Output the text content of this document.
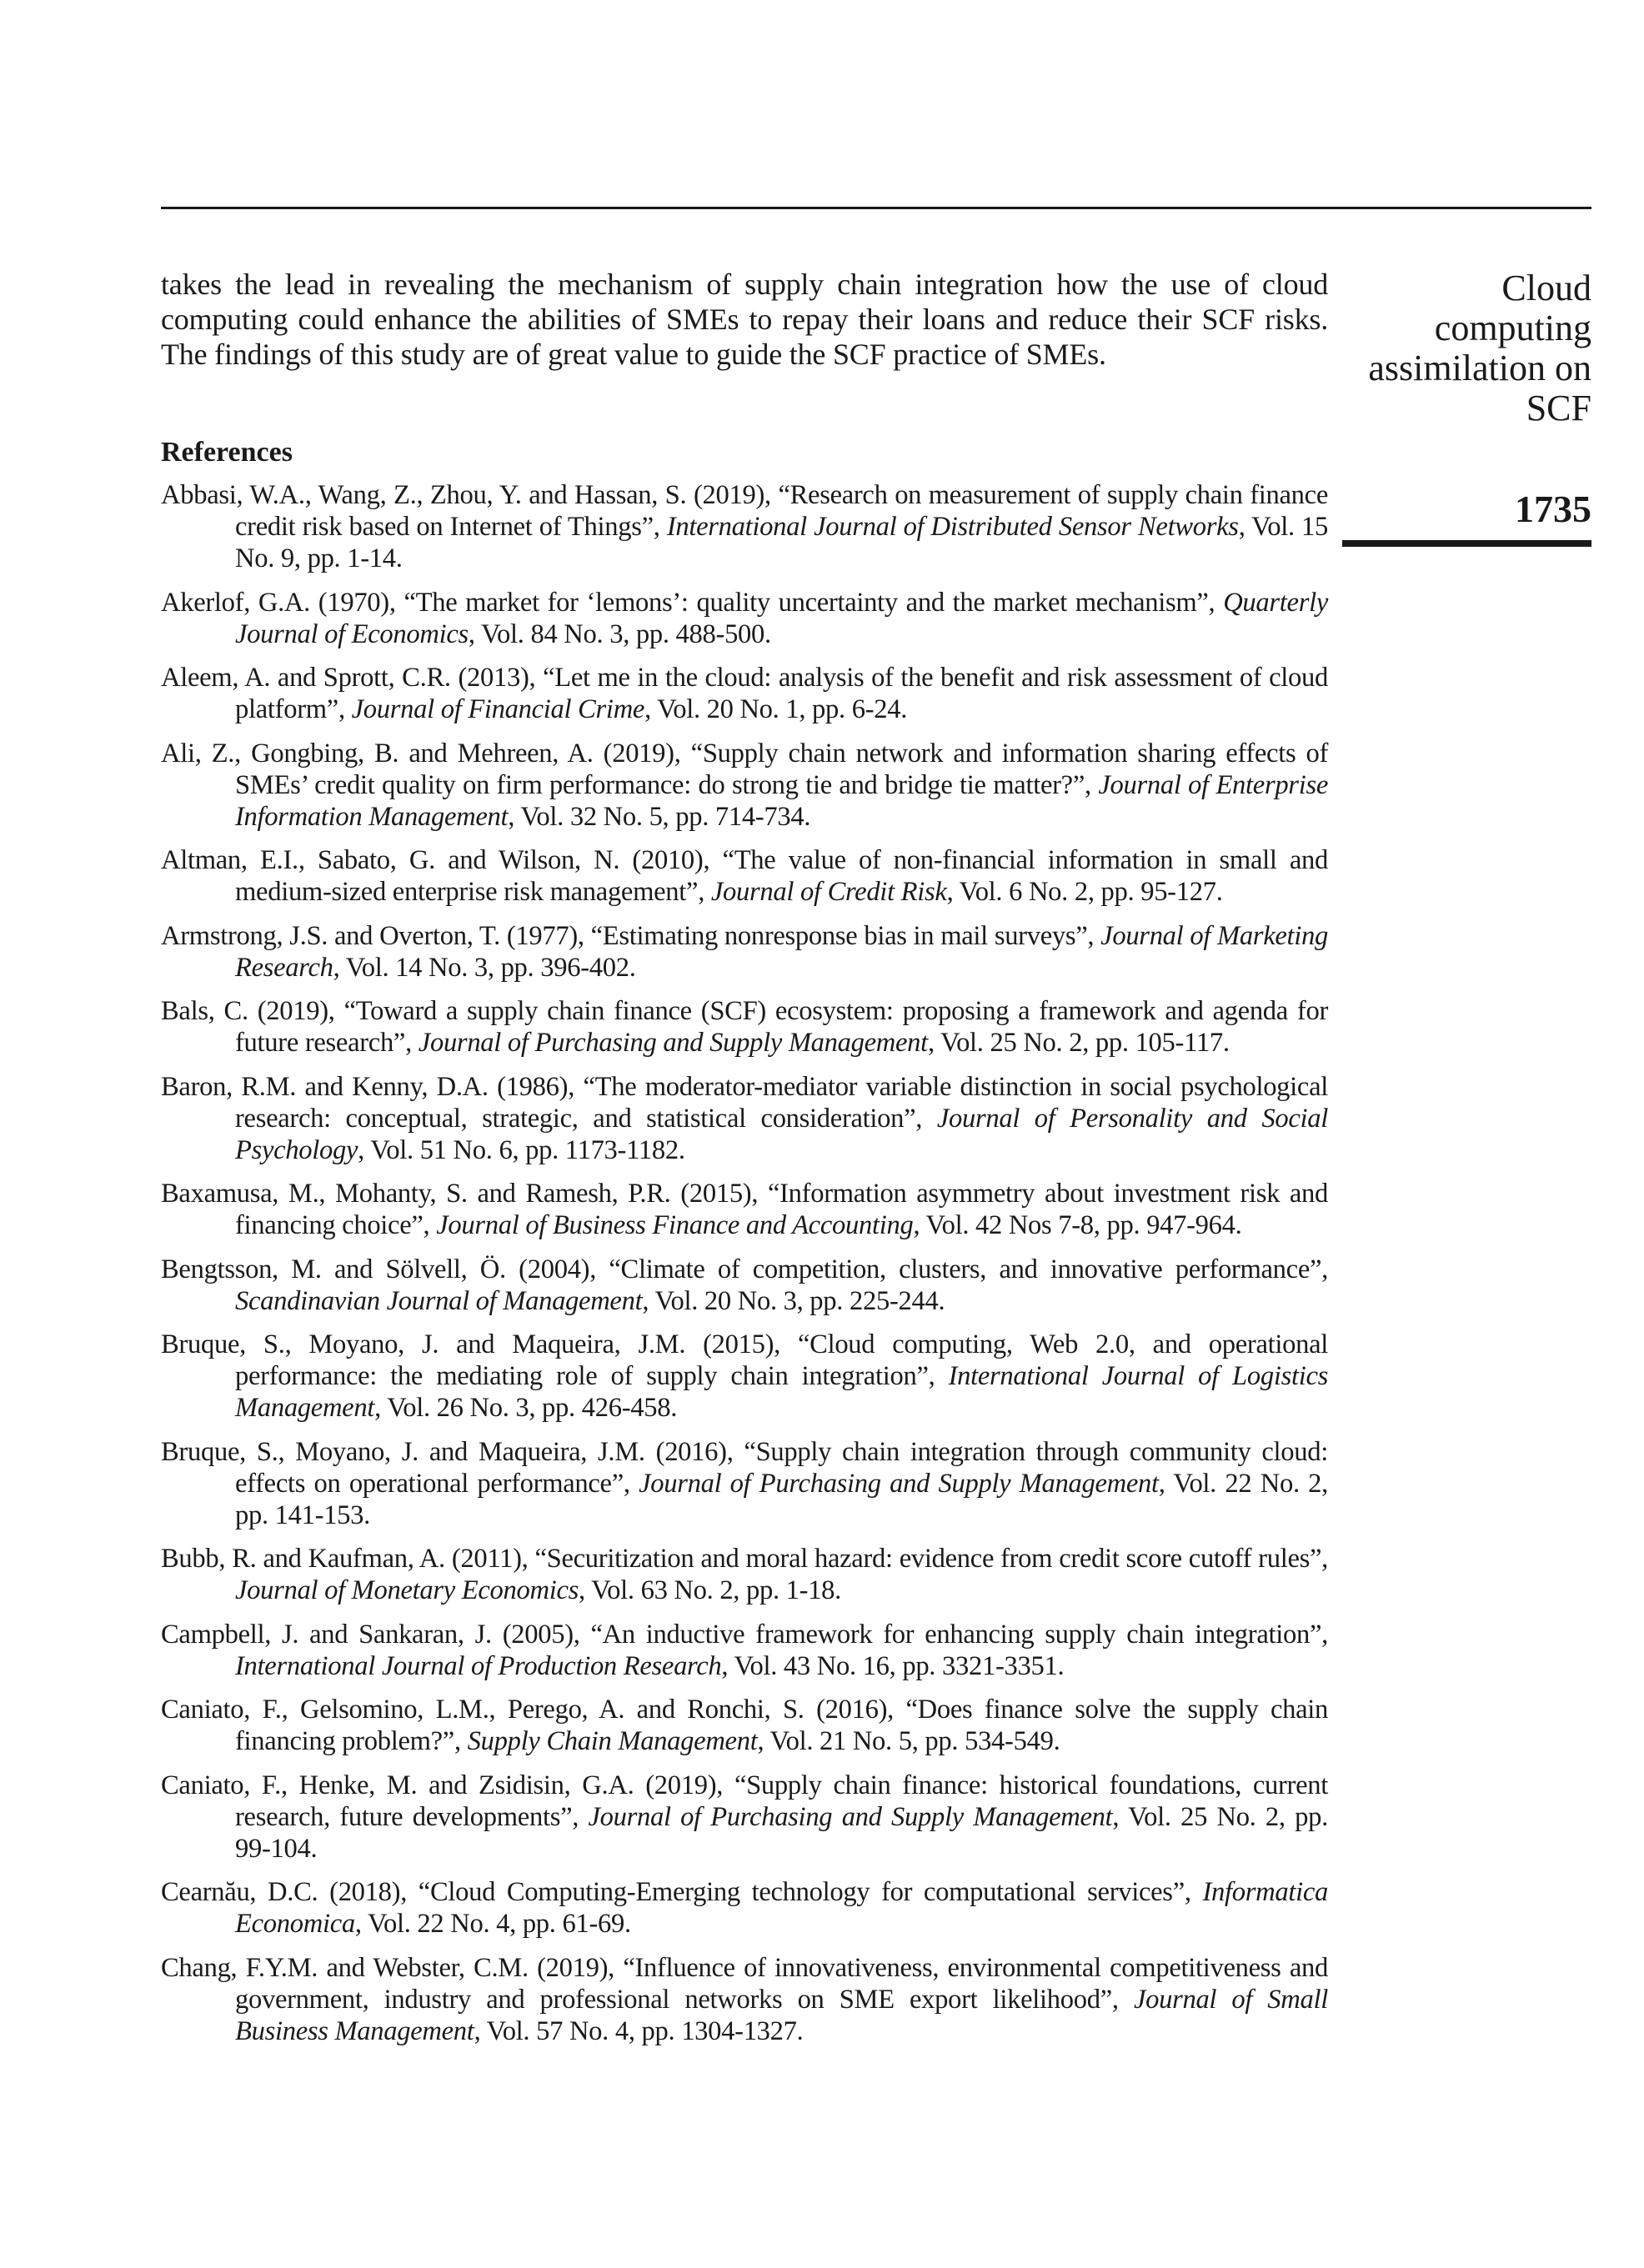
Cloud
computing
assimilation on
SCF
1735

takes the lead in revealing the mechanism of supply chain integration how the use of cloud computing could enhance the abilities of SMEs to repay their loans and reduce their SCF risks. The findings of this study are of great value to guide the SCF practice of SMEs.

References
Abbasi, W.A., Wang, Z., Zhou, Y. and Hassan, S. (2019), “Research on measurement of supply chain finance credit risk based on Internet of Things”, International Journal of Distributed Sensor Networks, Vol. 15 No. 9, pp. 1-14.
Akerlof, G.A. (1970), “The market for ‘lemons’: quality uncertainty and the market mechanism”, Quarterly Journal of Economics, Vol. 84 No. 3, pp. 488-500.
Aleem, A. and Sprott, C.R. (2013), “Let me in the cloud: analysis of the benefit and risk assessment of cloud platform”, Journal of Financial Crime, Vol. 20 No. 1, pp. 6-24.
Ali, Z., Gongbing, B. and Mehreen, A. (2019), “Supply chain network and information sharing effects of SMEs’ credit quality on firm performance: do strong tie and bridge tie matter?”, Journal of Enterprise Information Management, Vol. 32 No. 5, pp. 714-734.
Altman, E.I., Sabato, G. and Wilson, N. (2010), “The value of non-financial information in small and medium-sized enterprise risk management”, Journal of Credit Risk, Vol. 6 No. 2, pp. 95-127.
Armstrong, J.S. and Overton, T. (1977), “Estimating nonresponse bias in mail surveys”, Journal of Marketing Research, Vol. 14 No. 3, pp. 396-402.
Bals, C. (2019), “Toward a supply chain finance (SCF) ecosystem: proposing a framework and agenda for future research”, Journal of Purchasing and Supply Management, Vol. 25 No. 2, pp. 105-117.
Baron, R.M. and Kenny, D.A. (1986), “The moderator-mediator variable distinction in social psychological research: conceptual, strategic, and statistical consideration”, Journal of Personality and Social Psychology, Vol. 51 No. 6, pp. 1173-1182.
Baxamusa, M., Mohanty, S. and Ramesh, P.R. (2015), “Information asymmetry about investment risk and financing choice”, Journal of Business Finance and Accounting, Vol. 42 Nos 7-8, pp. 947-964.
Bengtsson, M. and Sölvell, Ö. (2004), “Climate of competition, clusters, and innovative performance”, Scandinavian Journal of Management, Vol. 20 No. 3, pp. 225-244.
Bruque, S., Moyano, J. and Maqueira, J.M. (2015), “Cloud computing, Web 2.0, and operational performance: the mediating role of supply chain integration”, International Journal of Logistics Management, Vol. 26 No. 3, pp. 426-458.
Bruque, S., Moyano, J. and Maqueira, J.M. (2016), “Supply chain integration through community cloud: effects on operational performance”, Journal of Purchasing and Supply Management, Vol. 22 No. 2, pp. 141-153.
Bubb, R. and Kaufman, A. (2011), “Securitization and moral hazard: evidence from credit score cutoff rules”, Journal of Monetary Economics, Vol. 63 No. 2, pp. 1-18.
Campbell, J. and Sankaran, J. (2005), “An inductive framework for enhancing supply chain integration”, International Journal of Production Research, Vol. 43 No. 16, pp. 3321-3351.
Caniato, F., Gelsomino, L.M., Perego, A. and Ronchi, S. (2016), “Does finance solve the supply chain financing problem?”, Supply Chain Management, Vol. 21 No. 5, pp. 534-549.
Caniato, F., Henke, M. and Zsidisin, G.A. (2019), “Supply chain finance: historical foundations, current research, future developments”, Journal of Purchasing and Supply Management, Vol. 25 No. 2, pp. 99-104.
Cearnău, D.C. (2018), “Cloud Computing-Emerging technology for computational services”, Informatica Economica, Vol. 22 No. 4, pp. 61-69.
Chang, F.Y.M. and Webster, C.M. (2019), “Influence of innovativeness, environmental competitiveness and government, industry and professional networks on SME export likelihood”, Journal of Small Business Management, Vol. 57 No. 4, pp. 1304-1327.
